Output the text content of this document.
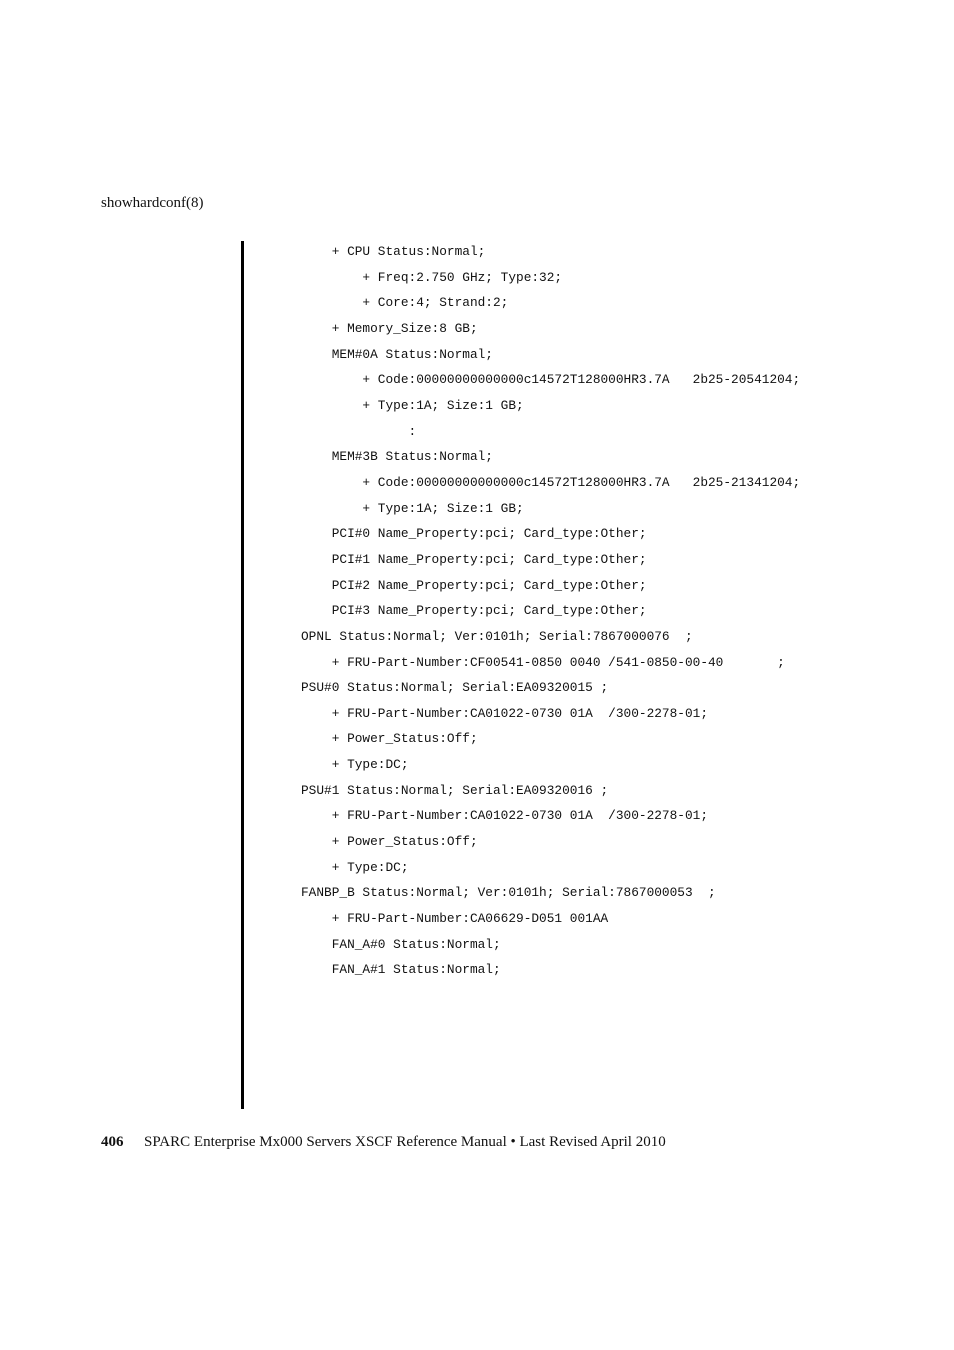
showhardconf(8)
+ CPU Status:Normal;
+ Freq:2.750 GHz; Type:32;
+ Core:4; Strand:2;
+ Memory_Size:8 GB;
MEM#0A Status:Normal;
+ Code:00000000000000c14572T128000HR3.7A   2b25-20541204;
+ Type:1A; Size:1 GB;
:
MEM#3B Status:Normal;
+ Code:00000000000000c14572T128000HR3.7A   2b25-21341204;
+ Type:1A; Size:1 GB;
PCI#0 Name_Property:pci; Card_type:Other;
PCI#1 Name_Property:pci; Card_type:Other;
PCI#2 Name_Property:pci; Card_type:Other;
PCI#3 Name_Property:pci; Card_type:Other;
OPNL Status:Normal; Ver:0101h; Serial:7867000076  ;
+ FRU-Part-Number:CF00541-0850 0040 /541-0850-00-40       ;
PSU#0 Status:Normal; Serial:EA09320015 ;
+ FRU-Part-Number:CA01022-0730 01A  /300-2278-01;
+ Power_Status:Off;
+ Type:DC;
PSU#1 Status:Normal; Serial:EA09320016 ;
+ FRU-Part-Number:CA01022-0730 01A  /300-2278-01;
+ Power_Status:Off;
+ Type:DC;
FANBP_B Status:Normal; Ver:0101h; Serial:7867000053  ;
+ FRU-Part-Number:CA06629-D051 001AA
FAN_A#0 Status:Normal;
FAN_A#1 Status:Normal;
406 SPARC Enterprise Mx000 Servers XSCF Reference Manual • Last Revised April 2010
